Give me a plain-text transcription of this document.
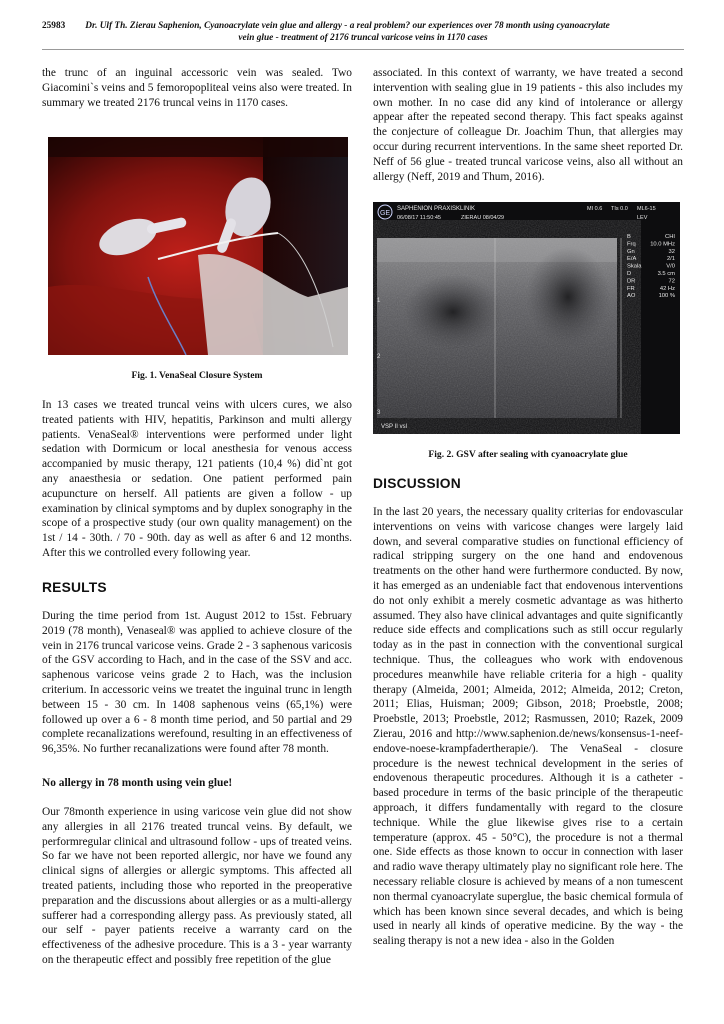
25983 Dr. Ulf Th. Zierau Saphenion, Cyanoacrylate vein glue and allergy - a real problem? our experiences over 78 month using cyanoacrylate
vein glue - treatment of 2176 truncal varicose veins in 1170 cases

the trunc of an inguinal accessoric vein was sealed. Two Giacomini`s veins and 5 femoropopliteal veins also were treated. In summary we treated 2176 truncal veins in 1170 cases.

Fig. 1. VenaSeal Closure System

In 13 cases we treated truncal veins with ulcers cures, we also treated patients with HIV, hepatitis, Parkinson and multi allergy patients. VenaSeal® interventions were performed under light sedation with Dormicum or local anesthesia for venous access accompanied by music therapy, 121 patients (10,4 %) did`nt got any anaesthesia or sedation. One patient performed pain acupuncture on herself. All patients are given a follow - up examination by clinical symptoms and by duplex sonography in the scope of a prospective study (our own quality management) on the 1st / 14 - 30th. / 70 - 90th. day as well as after 6 and 12 months. After this we controlled every following year.

RESULTS

During the time period from 1st. August 2012 to 15st. February 2019 (78 month), Venaseal® was applied to achieve closure of the vein in 2176 truncal varicose veins. Grade 2 - 3 saphenous varicosis of the GSV according to Hach, and in the case of the SSV and acc. saphenous varicose veins grade 2 to Hach, was the inclusion criterium. In accessoric veins we treatet the inguinal trunc in length between 15 - 30 cm. In 1408 saphenous veins (65,1%) were followed up over a 6 - 8 month time period, and 50 partial and 29 complete recanalizations werefound, resulting in an effectiveness of 96,35%. No further recanalizations were found after 78 month.

No allergy in 78 month using vein glue!

Our 78month experience in using varicose vein glue did not show any allergies in all 2176 treated truncal veins. By default, we performregular clinical and ultrasound follow - ups of treated veins. So far we have not been reported allergic, nor have we found any clinical signs of allergies or allergic symptoms. This affected all treated patients, including those who reported in the preoperative preparation and the discussions about allergies or as a multi-allergy sufferer had a corresponding allergy pass. As previously stated, all our self - payer patients receive a warranty card on the effectiveness of the adhesive procedure. This is a 3 - year warranty on the therapeutic effect and possibly free repetition of the glue

associated. In this context of warranty, we have treated a second intervention with sealing glue in 19 patients - this also includes my own mother. In no case did any kind of intolerance or allergy appear after the repeated second therapy. This fact speaks against the conjecture of colleague Dr. Joachim Thun, that allergies may occur during recurrent interventions. In the same sheet reported Dr. Neff of 56 glue - treated truncal varicose veins, also all without an allergy (Neff, 2019 and Thum, 2016).

GE
SAPHENION PRAXISKLINIK
06/08/17 11:50:45	ZIERAU 08/04/29
MI 0.6 TIs 0.0 ML6-15
LEV
B	CHI
Frq 10.0 MHz
Gn	32
E/A	2/1
Skala	V/0
D	3.5 cm
DR	72
FR	42 Hz
AO	100 %
1
2
3
VSP II vsl
Fig. 2. GSV after sealing with cyanoacrylate glue
DISCUSSION

In the last 20 years, the necessary quality criterias for endovascular interventions on veins with varicose changes were largely laid down, and several comparative studies on functional efficiency of radical stripping surgery on the one hand and endovenous treatments on the other hand were furthermore conducted. By now, it has emerged as an undeniable fact that endovenous interventions do not only exhibit a merely cosmetic advantage as was hitherto assumed. They also have clinical advantages and quite significantly reduce side effects and complications such as still occur regularly today as in the past in connection with the conventional surgical technique. Thus, the colleagues who work with endovenous procedures meanwhile have reliable criteria for a high - quality therapy (Almeida, 2001; Almeida, 2012; Almeida, 2012; Creton, 2011; Elias, Huisman; 2009; Gibson, 2018; Proebstle, 2008; Proebstle, 2013; Proebstle, 2012; Rasmussen, 2010; Razek, 2009 Zierau, 2016 and http://www.saphenion.de/news/konsensus-1-neef-endove-noese-krampfadertherapie/). The VenaSeal - closure procedure is the newest technical development in the series of endovenous therapeutic procedures. Although it is a catheter - based procedure in terms of the basic principle of the therapeutic approach, it differs fundamentally with regard to the closure technique. While the glue likewise gives rise to a certain temperature (approx. 45 - 50°C), the procedure is not a thermal one. Side effects as those known to occur in connection with laser and radio wave therapy ultimately play no significant role here. The necessary reliable closure is achieved by means of a non tumescent non thermal cyanoacrylate superglue, the basic chemical formula of which has been known since several decades, and which is being used in nearly all kinds of operative medicine. By the way - the sealing therapy is not a new idea - also in the Golden
